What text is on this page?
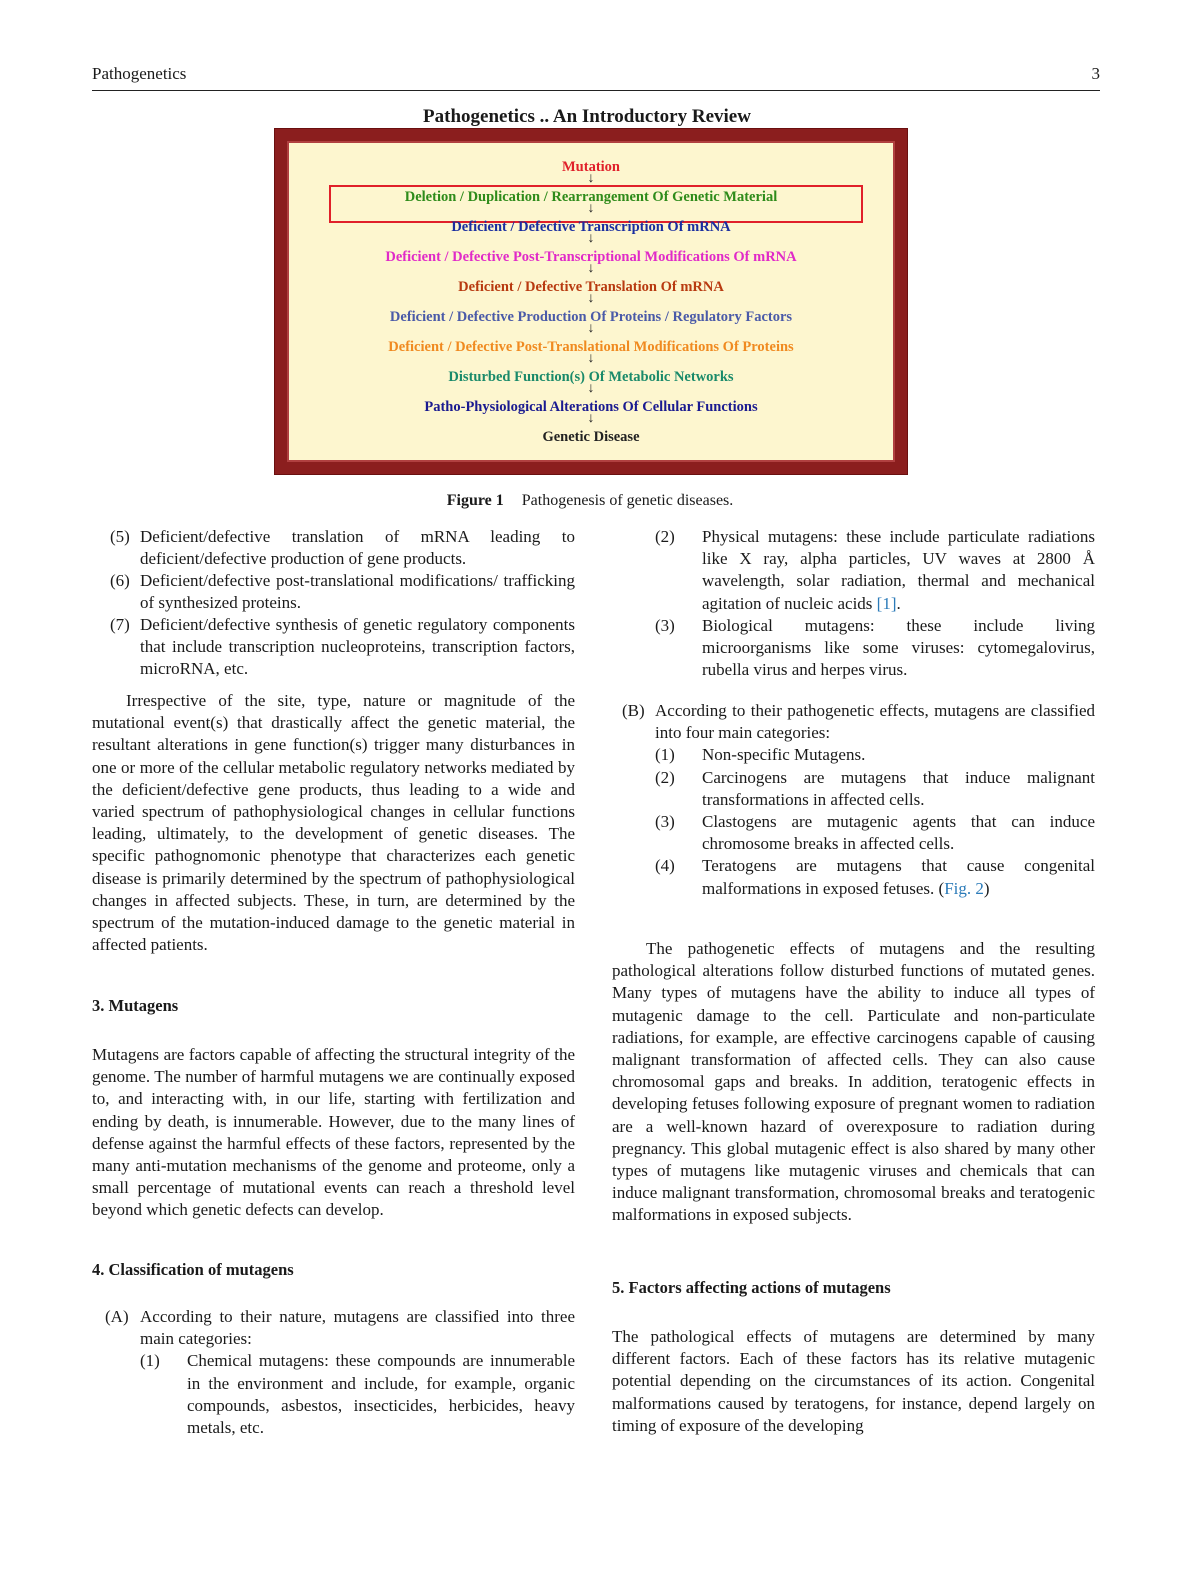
Pathogenetics	3
Pathogenetics .. An Introductory Review
Mutation
↓
Deletion / Duplication / Rearrangement Of Genetic Material
↓
Deficient / Defective Transcription Of mRNA
↓
Deficient / Defective Post-Transcriptional Modifications Of mRNA
↓
Deficient / Defective Translation Of mRNA
↓
Deficient / Defective Production Of Proteins / Regulatory Factors
↓
Deficient / Defective Post-Translational Modifications Of Proteins
↓
Disturbed Function(s) Of Metabolic Networks
↓
Patho-Physiological Alterations Of Cellular Functions
↓
Genetic Disease
Figure 1 Pathogenesis of genetic diseases.
(5) Deficient/defective translation of mRNA leading to deficient/defective production of gene products.
(6) Deficient/defective post-translational modifications/ trafficking of synthesized proteins.
(7) Deficient/defective synthesis of genetic regulatory components that include transcription nucleoproteins, transcription factors, microRNA, etc.
Irrespective of the site, type, nature or magnitude of the mutational event(s) that drastically affect the genetic material, the resultant alterations in gene function(s) trigger many disturbances in one or more of the cellular metabolic regulatory networks mediated by the deficient/defective gene products, thus leading to a wide and varied spectrum of pathophysiological changes in cellular functions leading, ultimately, to the development of genetic diseases. The specific pathognomonic phenotype that characterizes each genetic disease is primarily determined by the spectrum of pathophysiological changes in affected subjects. These, in turn, are determined by the spectrum of the mutation-induced damage to the genetic material in affected patients.
3. Mutagens
Mutagens are factors capable of affecting the structural integrity of the genome. The number of harmful mutagens we are continually exposed to, and interacting with, in our life, starting with fertilization and ending by death, is innumerable. However, due to the many lines of defense against the harmful effects of these factors, represented by the many anti-mutation mechanisms of the genome and proteome, only a small percentage of mutational events can reach a threshold level beyond which genetic defects can develop.
4. Classification of mutagens
(A) According to their nature, mutagens are classified into three main categories:
(1) Chemical mutagens: these compounds are innumerable in the environment and include, for example, organic compounds, asbestos, insecticides, herbicides, heavy metals, etc.
(2) Physical mutagens: these include particulate radiations like X ray, alpha particles, UV waves at 2800 Å wavelength, solar radiation, thermal and mechanical agitation of nucleic acids [1].
(3) Biological mutagens: these include living microorganisms like some viruses: cytomegalovirus, rubella virus and herpes virus.
(B) According to their pathogenetic effects, mutagens are classified into four main categories:
(1) Non-specific Mutagens.
(2) Carcinogens are mutagens that induce malignant transformations in affected cells.
(3) Clastogens are mutagenic agents that can induce chromosome breaks in affected cells.
(4) Teratogens are mutagens that cause congenital malformations in exposed fetuses. (Fig. 2)
The pathogenetic effects of mutagens and the resulting pathological alterations follow disturbed functions of mutated genes. Many types of mutagens have the ability to induce all types of mutagenic damage to the cell. Particulate and non-particulate radiations, for example, are effective carcinogens capable of causing malignant transformation of affected cells. They can also cause chromosomal gaps and breaks. In addition, teratogenic effects in developing fetuses following exposure of pregnant women to radiation are a well-known hazard of overexposure to radiation during pregnancy. This global mutagenic effect is also shared by many other types of mutagens like mutagenic viruses and chemicals that can induce malignant transformation, chromosomal breaks and teratogenic malformations in exposed subjects.
5. Factors affecting actions of mutagens
The pathological effects of mutagens are determined by many different factors. Each of these factors has its relative mutagenic potential depending on the circumstances of its action. Congenital malformations caused by teratogens, for instance, depend largely on timing of exposure of the developing
